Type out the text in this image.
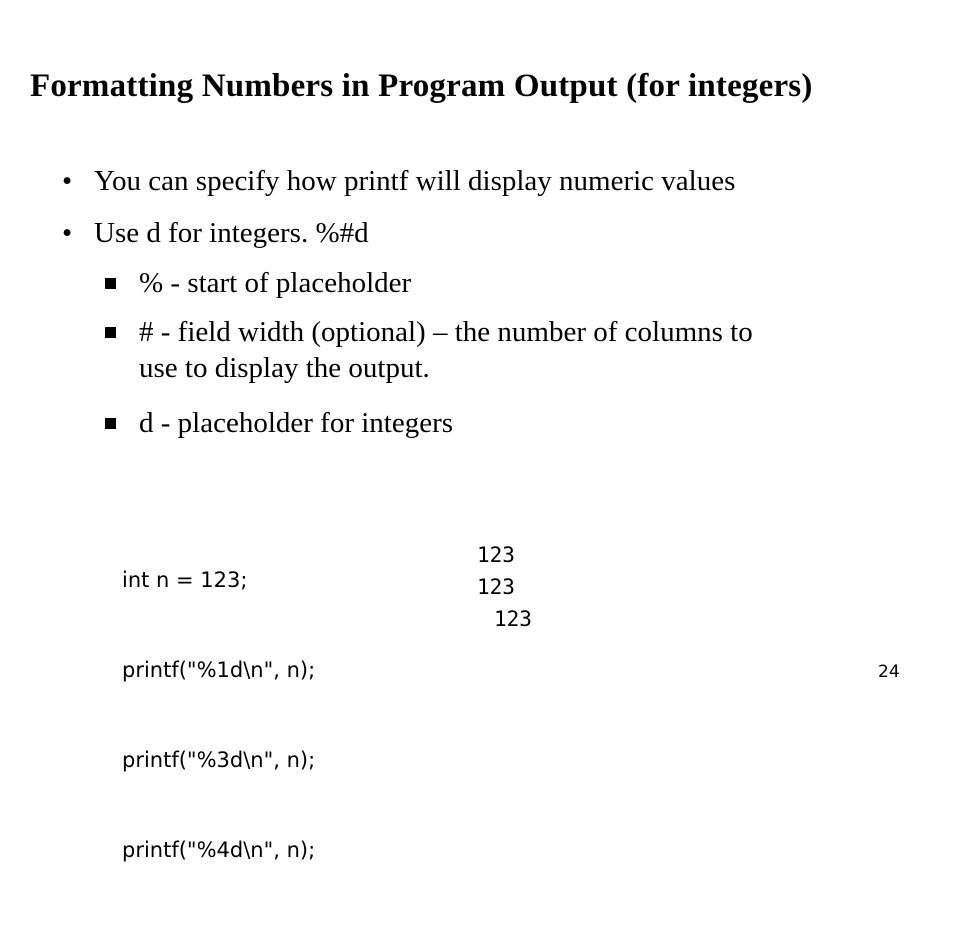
Formatting Numbers in Program Output (for integers)
• You can specify how printf will display numeric values
• Use d for integers. %#d
% - start of placeholder
# - field width (optional) – the number of columns to
use to display the output.
d - placeholder for integers

int n = 123;

printf("%1d\n", n);

printf("%3d\n", n);

printf("%4d\n", n);

123
123
123
24
